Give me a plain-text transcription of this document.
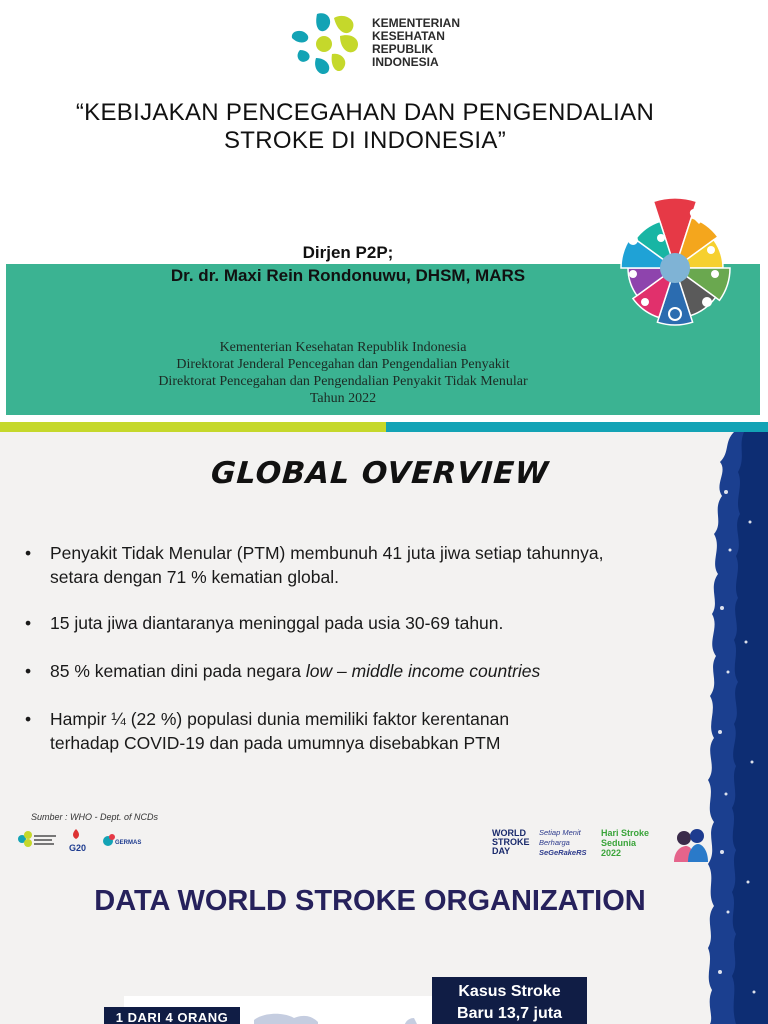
KEMENTERIAN
KESEHATAN
REPUBLIK
INDONESIA
“KEBIJAKAN PENCEGAHAN DAN PENGENDALIAN
STROKE DI INDONESIA”
Dirjen P2P;
Dr. dr. Maxi Rein Rondonuwu, DHSM, MARS
Kementerian Kesehatan Republik Indonesia
Direktorat Jenderal Pencegahan dan Pengendalian Penyakit
Direktorat Pencegahan dan Pengendalian Penyakit Tidak Menular
Tahun 2022
GLOBAL OVERVIEW
• Penyakit Tidak Menular (PTM) membunuh 41 juta jiwa setiap tahunnya,
setara dengan 71 % kematian global.
• 15 juta jiwa diantaranya meninggal pada usia 30-69 tahun.
• 85 % kematian dini pada negara low – middle income countries
• Hampir ¼ (22 %) populasi dunia memiliki faktor kerentanan
terhadap COVID-19 dan pada umumnya disebabkan PTM
Sumber : WHO - Dept. of NCDs
G20	GERMAS
WORLD
STROKE
DAY
Setiap Menit
Berharga
SeGeRakeRS
Hari Stroke
Sedunia
2022
DATA WORLD STROKE ORGANIZATION
Kasus Stroke
Baru 13,7 juta
1 DARI 4 ORANG
